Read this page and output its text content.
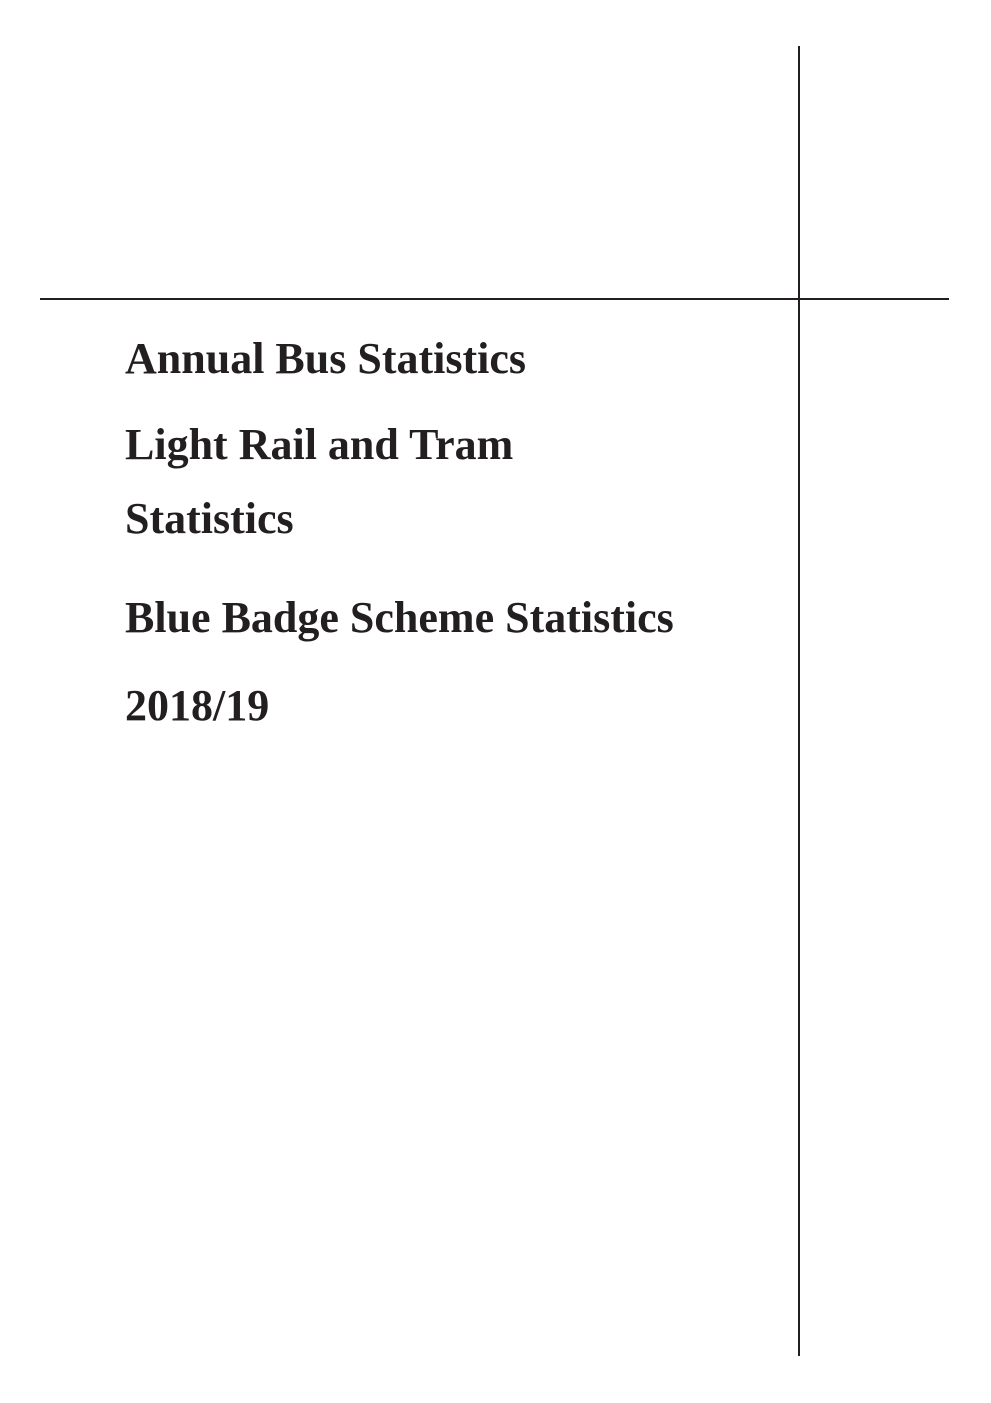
Annual Bus Statistics
Light Rail and Tram
Statistics
Blue Badge Scheme Statistics
2018/19
